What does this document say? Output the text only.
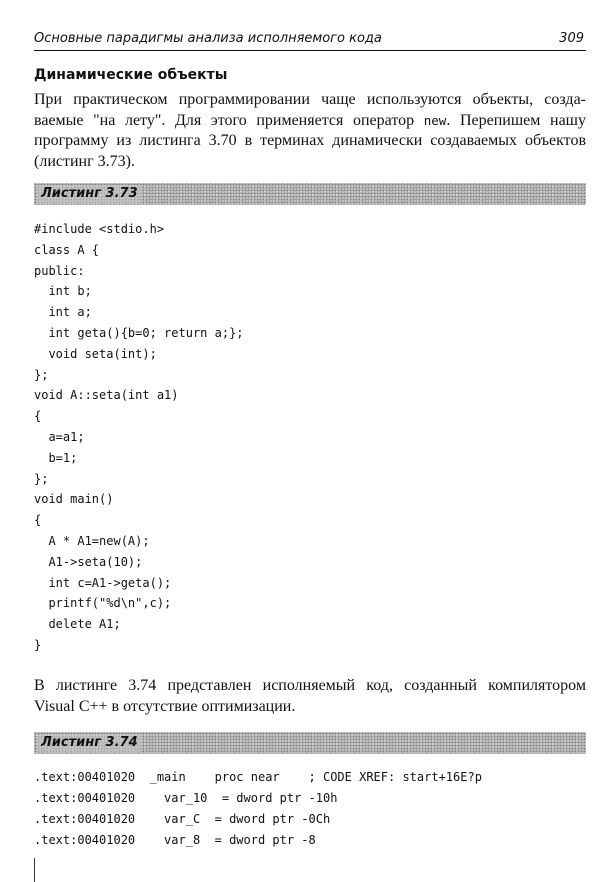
Основные парадигмы анализа исполняемого кода	309
Динамические объекты
При практическом программировании чаще используются объекты, созда-
ваемые "на лету". Для этого применяется оператор new. Перепишем нашу
программу из листинга 3.70 в терминах динамически создаваемых объектов
(листинг 3.73).
Листинг 3.73
#include <stdio.h>
class A {
public:
int b;
int a;
int geta(){b=0; return a;};
void seta(int);
};
void A::seta(int a1)
{
a=a1;
b=1;
};
void main()
{
A * A1=new(A);
A1->seta(10);
int c=A1->geta();
printf("%d\n",c);
delete A1;
}
В листинге 3.74 представлен исполняемый код, созданный компилятором
Visual C++ в отсутствие оптимизации.
Листинг 3.74
.text:00401020  _main    proc near    ; CODE XREF: start+16E?p
.text:00401020    var_10  = dword ptr -10h
.text:00401020    var_C  = dword ptr -0Ch
.text:00401020    var_8  = dword ptr -8
